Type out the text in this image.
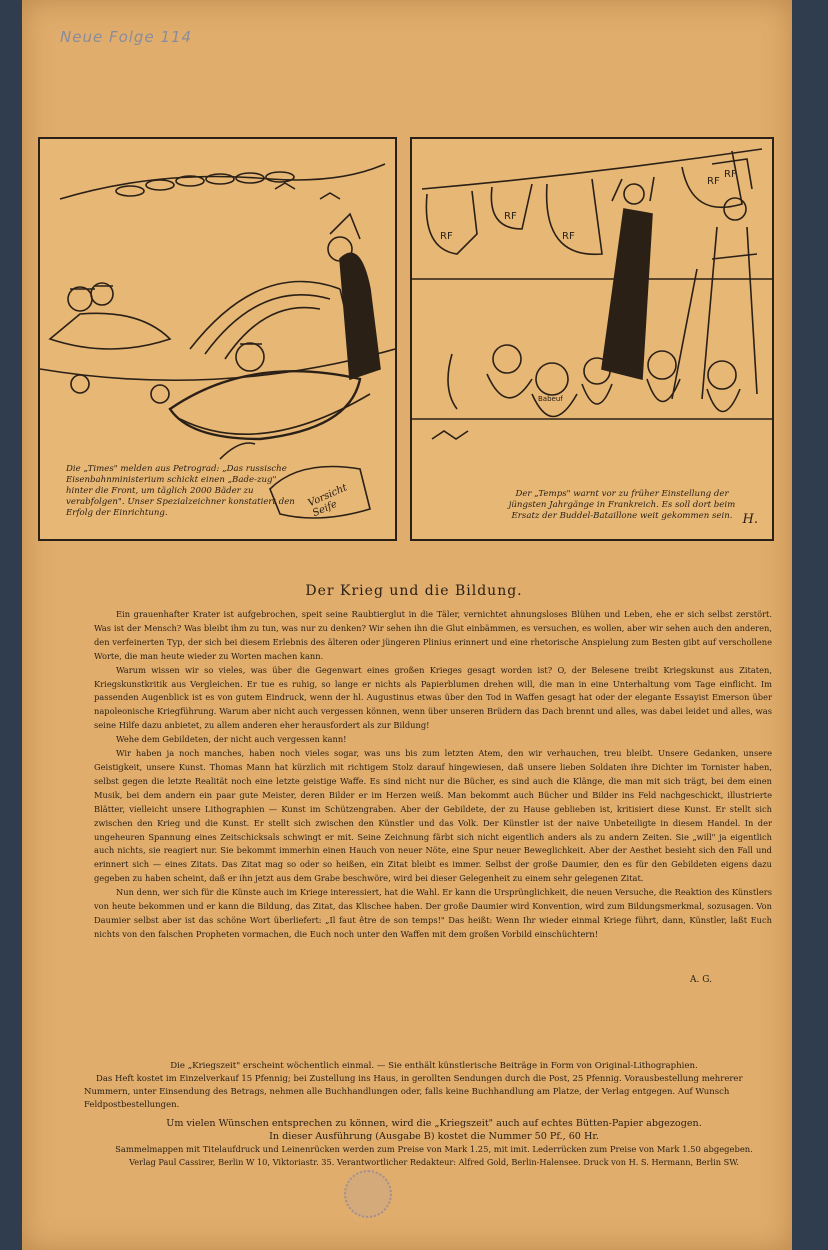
Neue Folge 114
Die „Times" melden aus Petrograd: „Das russische Eisenbahnministerium schickt einen „Bade-zug" hinter die Front, um täglich 2000 Bäder zu verabfolgen". Unser Spezialzeichner konstatiert den Erfolg der Einrichtung.
Vorsicht Seife
RF
RF
RF
RF
RF
Babeuf
Der „Temps" warnt vor zu früher Einstellung der jüngsten Jahrgänge in Frankreich. Es soll dort beim Ersatz der Buddel-Bataillone weit gekommen sein. H.
Der Krieg und die Bildung.

Ein grauenhafter Krater ist aufgebrochen, speit seine Raubtierglut in die Täler, vernichtet ahnungsloses Blühen und Leben, ehe er sich selbst zerstört. Was ist der Mensch? Was bleibt ihm zu tun, was nur zu denken? Wir sehen ihn die Glut einbämmen, es versuchen, es wollen, aber wir sehen auch den anderen, den verfeinerten Typ, der sich bei diesem Erlebnis des älteren oder jüngeren Plinius erinnert und eine rhetorische Anspielung zum Besten gibt auf verschollene Worte, die man heute wieder zu Worten machen kann.

Warum wissen wir so vieles, was über die Gegenwart eines großen Krieges gesagt worden ist? O, der Belesene treibt Kriegskunst aus Zitaten, Kriegskunstkritik aus Vergleichen. Er tue es ruhig, so lange er nichts als Papierblumen drehen will, die man in eine Unterhaltung vom Tage einflicht. Im passenden Augenblick ist es von gutem Eindruck, wenn der hl. Augustinus etwas über den Tod in Waffen gesagt hat oder der elegante Essayist Emerson über napoleonische Kriegführung. Warum aber nicht auch vergessen können, wenn über unseren Brüdern das Dach brennt und alles, was dabei leidet und alles, was seine Hilfe dazu anbietet, zu allem anderen eher herausfordert als zur Bildung!

Wehe dem Gebildeten, der nicht auch vergessen kann!

Wir haben ja noch manches, haben noch vieles sogar, was uns bis zum letzten Atem, den wir verhauchen, treu bleibt. Unsere Gedanken, unsere Geistigkeit, unsere Kunst. Thomas Mann hat kürzlich mit richtigem Stolz darauf hingewiesen, daß unsere lieben Soldaten ihre Dichter im Tornister haben, selbst gegen die letzte Realität noch eine letzte geistige Waffe. Es sind nicht nur die Bücher, es sind auch die Klänge, die man mit sich trägt, bei dem einen Musik, bei dem andern ein paar gute Meister, deren Bilder er im Herzen weiß. Man bekommt auch Bücher und Bilder ins Feld nachgeschickt, illustrierte Blätter, vielleicht unsere Lithographien — Kunst im Schützengraben. Aber der Gebildete, der zu Hause geblieben ist, kritisiert diese Kunst. Er stellt sich zwischen den Krieg und die Kunst. Er stellt sich zwischen den Künstler und das Volk. Der Künstler ist der naive Unbeteiligte in diesem Handel. In der ungeheuren Spannung eines Zeitschicksals schwingt er mit. Seine Zeichnung färbt sich nicht eigentlich anders als zu andern Zeiten. Sie „will" ja eigentlich auch nichts, sie reagiert nur. Sie bekommt immerhin einen Hauch von neuer Nöte, eine Spur neuer Beweglichkeit. Aber der Aesthet besieht sich den Fall und erinnert sich — eines Zitats. Das Zitat mag so oder so heißen, ein Zitat bleibt es immer. Selbst der große Daumier, den es für den Gebildeten eigens dazu gegeben zu haben scheint, daß er ihn jetzt aus dem Grabe beschwöre, wird bei dieser Gelegenheit zu einem sehr gelegenen Zitat.

Nun denn, wer sich für die Künste auch im Kriege interessiert, hat die Wahl. Er kann die Ursprünglichkeit, die neuen Versuche, die Reaktion des Künstlers von heute bekommen und er kann die Bildung, das Zitat, das Klischee haben. Der große Daumier wird Konvention, wird zum Bildungsmerkmal, sozusagen. Von Daumier selbst aber ist das schöne Wort überliefert: „Il faut être de son temps!" Das heißt: Wenn Ihr wieder einmal Kriege führt, dann, Künstler, laßt Euch nichts von den falschen Propheten vormachen, die Euch noch unter den Waffen mit dem großen Vorbild einschüchtern!

A. G.

Die „Kriegszeit" erscheint wöchentlich einmal. — Sie enthält künstlerische Beiträge in Form von Original-Lithographien.

Das Heft kostet im Einzelverkauf 15 Pfennig; bei Zustellung ins Haus, in gerollten Sendungen durch die Post, 25 Pfennig. Vorausbestellung mehrerer Nummern, unter Einsendung des Betrags, nehmen alle Buchhandlungen oder, falls keine Buchhandlung am Platze, der Verlag entgegen. Auf Wunsch Feldpostbestellungen.

Um vielen Wünschen entsprechen zu können, wird die „Kriegszeit" auch auf echtes Bütten-Papier abgezogen.

In dieser Ausführung (Ausgabe B) kostet die Nummer 50 Pf., 60 Hr.

Sammelmappen mit Titelaufdruck und Leinenrücken werden zum Preise von Mark 1.25, mit imit. Lederrücken zum Preise von Mark 1.50 abgegeben.

Verlag Paul Cassirer, Berlin W 10, Viktoriastr. 35. Verantwortlicher Redakteur: Alfred Gold, Berlin-Halensee. Druck von H. S. Hermann, Berlin SW.
